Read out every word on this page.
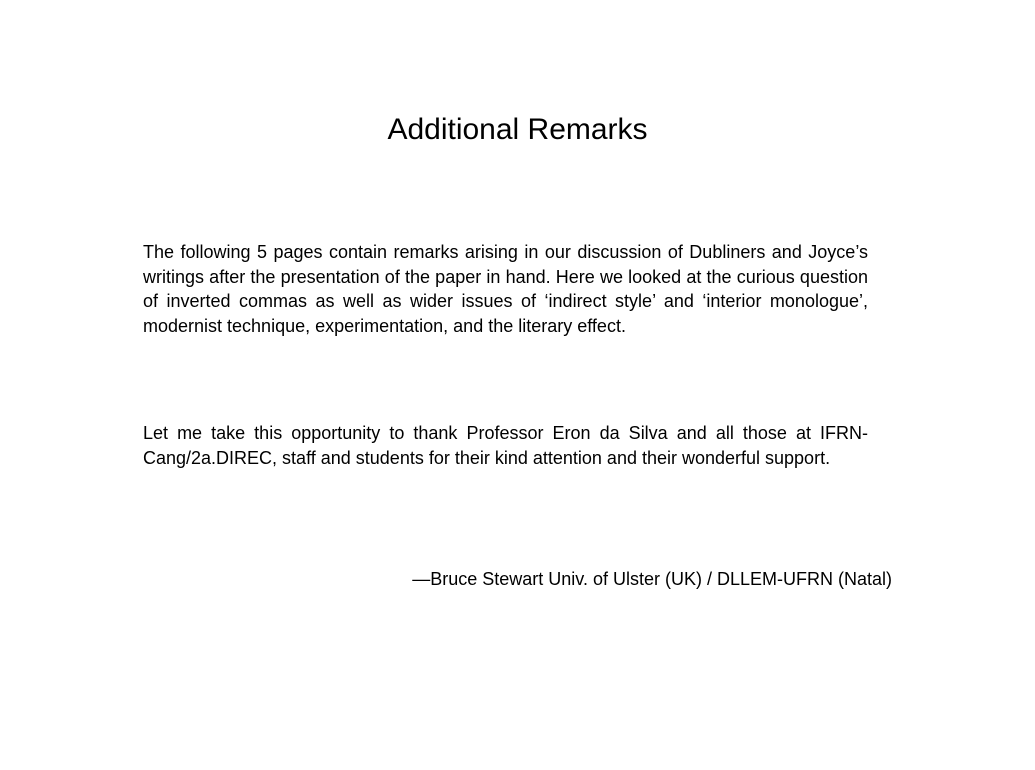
Additional Remarks

The following 5 pages contain remarks arising in our discussion of Dubliners and Joyce’s writings after the presentation of the paper in hand. Here we looked at the curious question of inverted commas as well as wider issues of ‘indirect style’ and ‘interior monologue’, modernist technique, experimentation, and the literary effect.

Let me take this opportunity to thank Professor Eron da Silva and all those at IFRN-Cang/2a.DIREC, staff and students for their kind attention and their wonderful support.

—Bruce Stewart Univ. of Ulster (UK) / DLLEM-UFRN (Natal)
